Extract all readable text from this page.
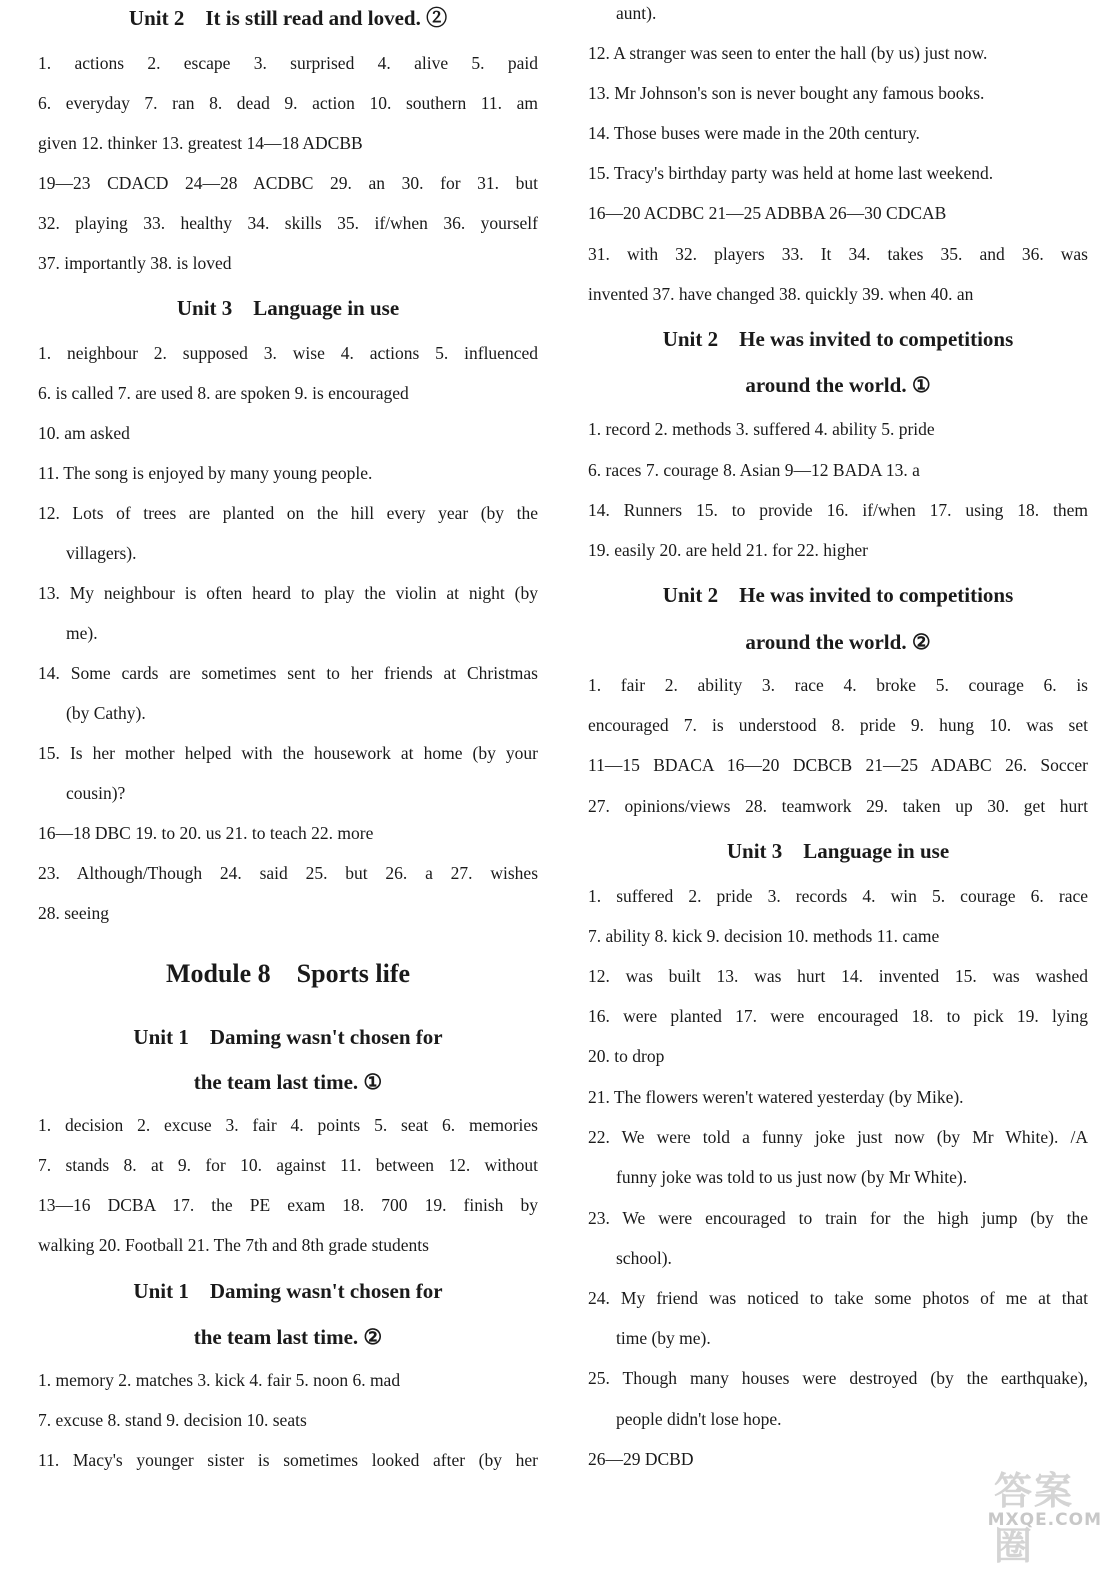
Unit 2　It is still read and loved. ②
1. actions 2. escape 3. surprised 4. alive 5. paid
6. everyday 7. ran 8. dead 9. action 10. southern 11. am
given 12. thinker 13. greatest 14—18 ADCBB
19—23 CDACD 24—28 ACDBC 29. an 30. for 31. but
32. playing 33. healthy 34. skills 35. if/when 36. yourself
37. importantly 38. is loved
Unit 3　Language in use
1. neighbour 2. supposed 3. wise 4. actions 5. influenced
6. is called 7. are used 8. are spoken 9. is encouraged
10. am asked
11. The song is enjoyed by many young people.
12. Lots of trees are planted on the hill every year (by the
villagers).
13. My neighbour is often heard to play the violin at night (by
me).
14. Some cards are sometimes sent to her friends at Christmas
(by Cathy).
15. Is her mother helped with the housework at home (by your
cousin)?
16—18 DBC 19. to 20. us 21. to teach 22. more
23. Although/Though 24. said 25. but 26. a 27. wishes
28. seeing
Module 8　Sports life
Unit 1　Daming wasn't chosen for
the team last time. ①
1. decision 2. excuse 3. fair 4. points 5. seat 6. memories
7. stands 8. at 9. for 10. against 11. between 12. without
13—16 DCBA 17. the PE exam 18. 700 19. finish by
walking 20. Football 21. The 7th and 8th grade students
Unit 1　Daming wasn't chosen for
the team last time. ②
1. memory 2. matches 3. kick 4. fair 5. noon 6. mad
7. excuse 8. stand 9. decision 10. seats
11. Macy's younger sister is sometimes looked after (by her
aunt).
12. A stranger was seen to enter the hall (by us) just now.
13. Mr Johnson's son is never bought any famous books.
14. Those buses were made in the 20th century.
15. Tracy's birthday party was held at home last weekend.
16—20 ACDBC 21—25 ADBBA 26—30 CDCAB
31. with 32. players 33. It 34. takes 35. and 36. was
invented 37. have changed 38. quickly 39. when 40. an
Unit 2　He was invited to competitions
around the world. ①
1. record 2. methods 3. suffered 4. ability 5. pride
6. races 7. courage 8. Asian 9—12 BADA 13. a
14. Runners 15. to provide 16. if/when 17. using 18. them
19. easily 20. are held 21. for 22. higher
Unit 2　He was invited to competitions
around the world. ②
1. fair 2. ability 3. race 4. broke 5. courage 6. is
encouraged 7. is understood 8. pride 9. hung 10. was set
11—15 BDACA 16—20 DCBCB 21—25 ADABC 26. Soccer
27. opinions/views 28. teamwork 29. taken up 30. get hurt
Unit 3　Language in use
1. suffered 2. pride 3. records 4. win 5. courage 6. race
7. ability 8. kick 9. decision 10. methods 11. came
12. was built 13. was hurt 14. invented 15. was washed
16. were planted 17. were encouraged 18. to pick 19. lying
20. to drop
21. The flowers weren't watered yesterday (by Mike).
22. We were told a funny joke just now (by Mr White). /A
funny joke was told to us just now (by Mr White).
23. We were encouraged to train for the high jump (by the
school).
24. My friend was noticed to take some photos of me at that
time (by me).
25. Though many houses were destroyed (by the earthquake),
people didn't lose hope.
26—29 DCBD
答案圈
MXQE.COM
